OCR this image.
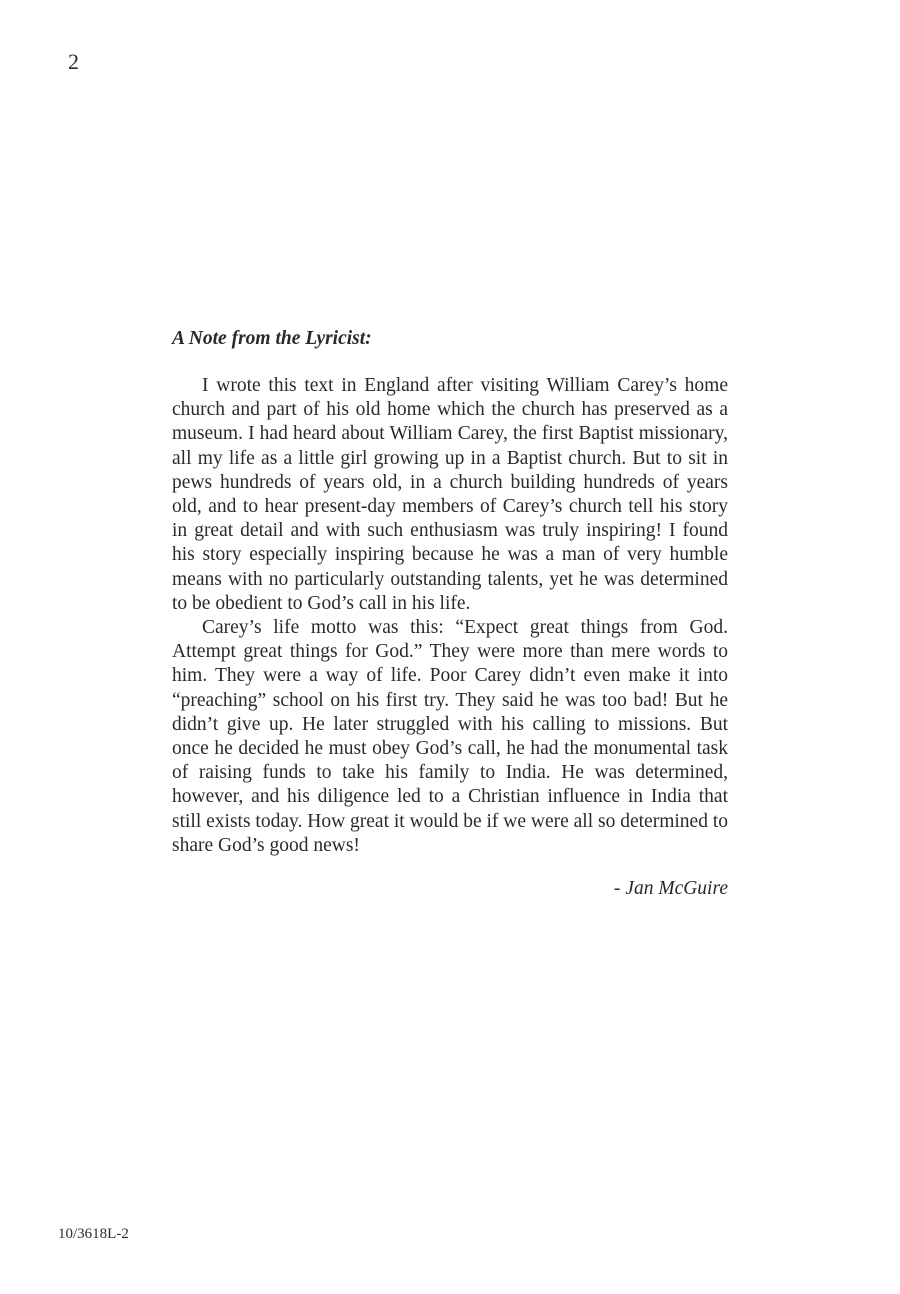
2
A Note from the Lyricist:

I wrote this text in England after visiting William Carey’s home church and part of his old home which the church has preserved as a museum. I had heard about William Carey, the first Baptist missionary, all my life as a little girl growing up in a Baptist church. But to sit in pews hundreds of years old, in a church building hundreds of years old, and to hear present-day members of Carey’s church tell his story in great detail and with such enthusiasm was truly inspiring! I found his story especially inspiring because he was a man of very humble means with no particularly outstanding talents, yet he was determined to be obedient to God’s call in his life.

Carey’s life motto was this: “Expect great things from God. Attempt great things for God.” They were more than mere words to him. They were a way of life. Poor Carey didn’t even make it into “preaching” school on his first try. They said he was too bad! But he didn’t give up. He later struggled with his calling to missions. But once he decided he must obey God’s call, he had the monumental task of raising funds to take his family to India. He was determined, however, and his diligence led to a Christian influence in India that still exists today. How great it would be if we were all so determined to share God’s good news!

- Jan McGuire

10/3618L-2
